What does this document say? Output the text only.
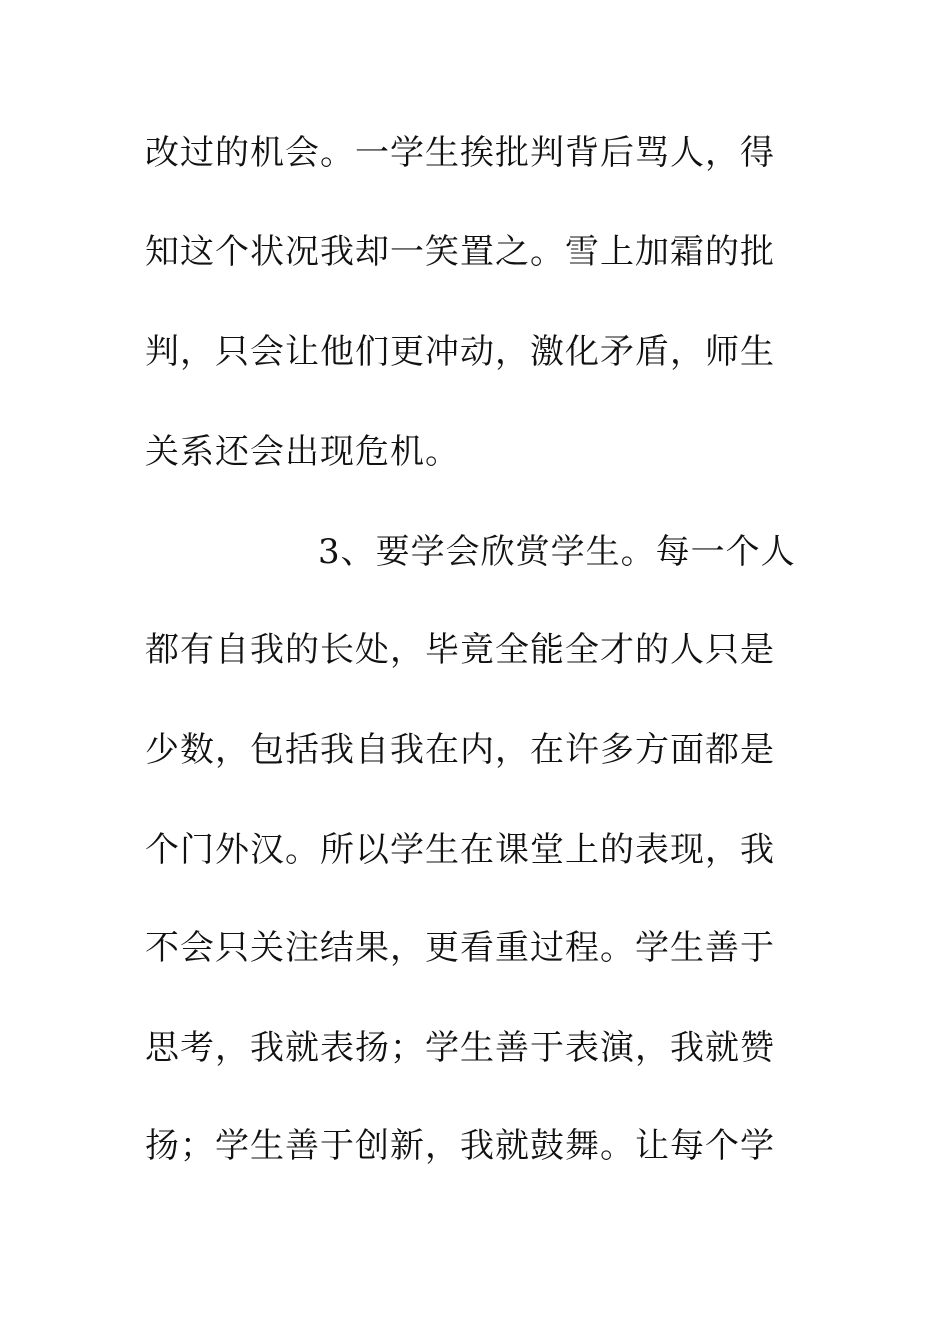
改过的机会。一学生挨批判背后骂人，得
知这个状况我却一笑置之。雪上加霜的批
判，只会让他们更冲动，激化矛盾，师生
关系还会出现危机。
3、要学会欣赏学生。每一个人
都有自我的长处，毕竟全能全才的人只是
少数，包括我自我在内，在许多方面都是
个门外汉。所以学生在课堂上的表现，我
不会只关注结果，更看重过程。学生善于
思考，我就表扬；学生善于表演，我就赞
扬；学生善于创新，我就鼓舞。让每个学
